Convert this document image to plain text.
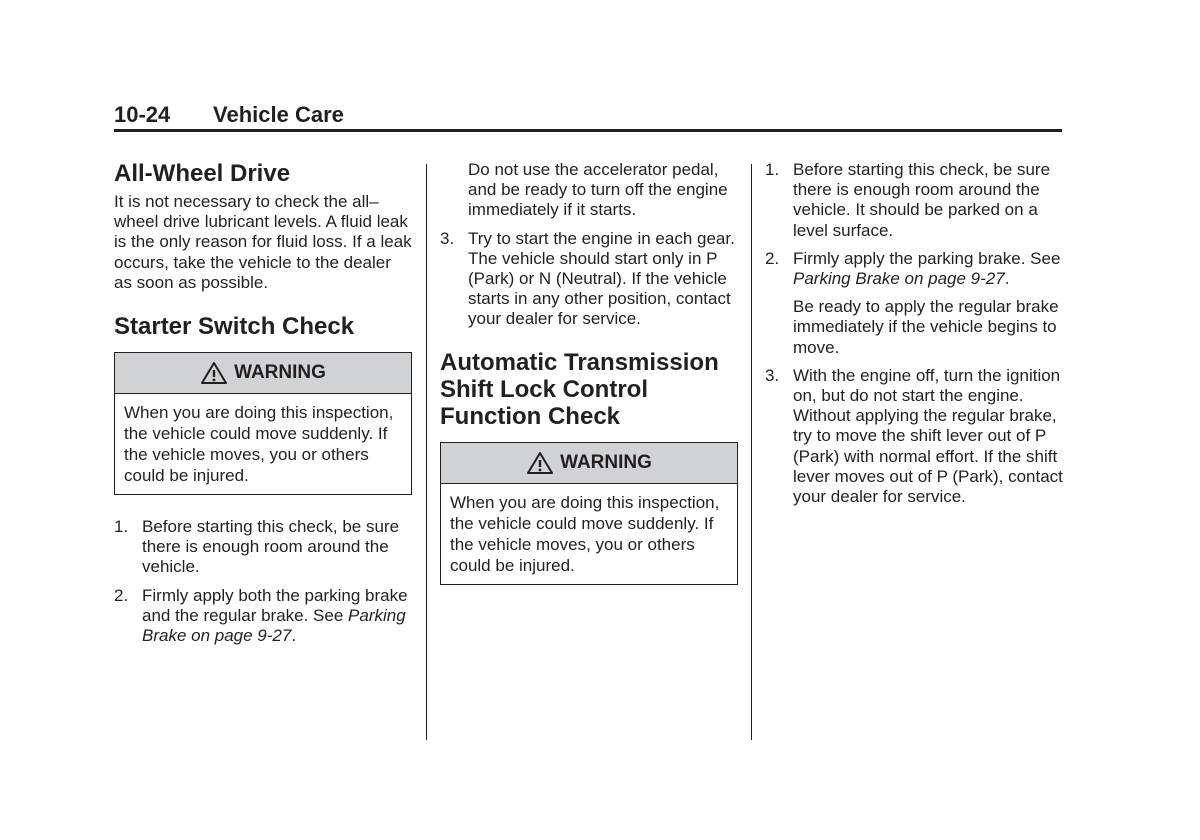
10-24 Vehicle Care
All-Wheel Drive

It is not necessary to check the all–wheel drive lubricant levels. A fluid leak is the only reason for fluid loss. If a leak occurs, take the vehicle to the dealer as soon as possible.

Starter Switch Check
WARNING
When you are doing this inspection, the vehicle could move suddenly. If the vehicle moves, you or others could be injured.
1. Before starting this check, be sure there is enough room around the vehicle.
2. Firmly apply both the parking brake and the regular brake. See Parking Brake on page 9-27.
Do not use the accelerator pedal, and be ready to turn off the engine immediately if it starts.
3. Try to start the engine in each gear. The vehicle should start only in P (Park) or N (Neutral). If the vehicle starts in any other position, contact your dealer for service.
Automatic Transmission Shift Lock Control Function Check
WARNING
When you are doing this inspection, the vehicle could move suddenly. If the vehicle moves, you or others could be injured.
1. Before starting this check, be sure there is enough room around the vehicle. It should be parked on a level surface.
2. Firmly apply the parking brake. See Parking Brake on page 9-27.
Be ready to apply the regular brake immediately if the vehicle begins to move.
3. With the engine off, turn the ignition on, but do not start the engine. Without applying the regular brake, try to move the shift lever out of P (Park) with normal effort. If the shift lever moves out of P (Park), contact your dealer for service.
